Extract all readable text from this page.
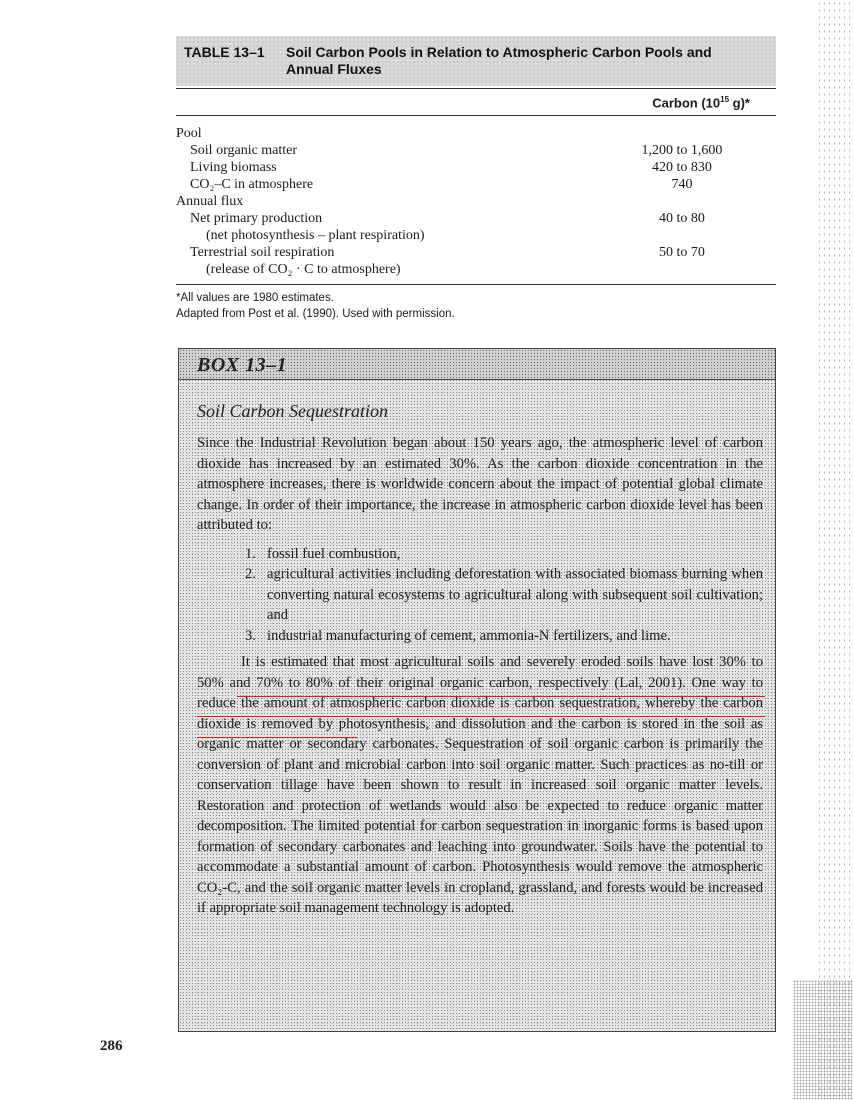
TABLE 13–1 Soil Carbon Pools in Relation to Atmospheric Carbon Pools and
Annual Fluxes
Carbon ($10^{15}$ g)*
Pool
Soil organic matter	1,200 to 1,600
Living biomass	420 to 830
CO₂–C in atmosphere	740
Annual flux
Net primary production	40 to 80
(net photosynthesis – plant respiration)
Terrestrial soil respiration	50 to 70
(release of CO₂ · C to atmosphere)
*All values are 1980 estimates.
Adapted from Post et al. (1990). Used with permission.
BOX 13–1
Soil Carbon Sequestration

Since the Industrial Revolution began about 150 years ago, the atmospheric level of carbon dioxide has increased by an estimated 30%. As the carbon dioxide concentration in the atmosphere increases, there is worldwide concern about the impact of potential global climate change. In order of their importance, the increase in atmospheric carbon dioxide level has been attributed to:

1. fossil fuel combustion,
2. agricultural activities including deforestation with associated biomass burning when converting natural ecosystems to agricultural along with subsequent soil cultivation; and
3. industrial manufacturing of cement, ammonia-N fertilizers, and lime.

It is estimated that most agricultural soils and severely eroded soils have lost 30% to 50% and 70% to 80% of their original organic carbon, respectively (Lal, 2001). One way to reduce the amount of atmospheric carbon dioxide is carbon sequestration, whereby the carbon dioxide is removed by photosynthesis, and dissolution and the carbon is stored in the soil as organic matter or secondary carbonates. Sequestration of soil organic carbon is primarily the conversion of plant and microbial carbon into soil organic matter. Such practices as no-till or conservation tillage have been shown to result in increased soil organic matter levels. Restoration and protection of wetlands would also be expected to reduce organic matter decomposition. The limited potential for carbon sequestration in inorganic forms is based upon formation of secondary carbonates and leaching into groundwater. Soils have the potential to accommodate a substantial amount of carbon. Photosynthesis would remove the atmospheric CO₂-C, and the soil organic matter levels in cropland, grassland, and forests would be increased if appropriate soil management technology is adopted.

286
